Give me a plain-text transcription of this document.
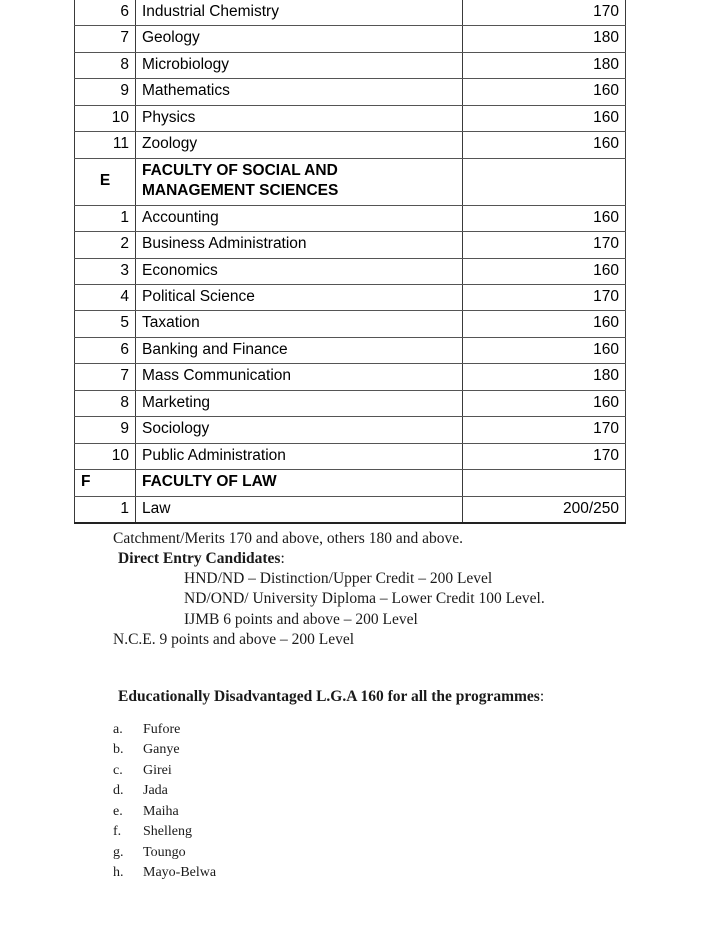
6	Industrial Chemistry	170
7	Geology	180
8	Microbiology	180
9	Mathematics	160
10	Physics	160
11	Zoology	160
E	FACULTY OF SOCIAL AND
MANAGEMENT SCIENCES	

1	Accounting	160
2	Business Administration	170
3	Economics	160
4	Political Science	170
5	Taxation	160
6	Banking and Finance	160
7	Mass Communication	180
8	Marketing	160
9	Sociology	170
10	Public Administration	170
F	FACULTY OF LAW	
1	Law	200/250
Catchment/Merits 170 and above, others 180 and above.
Direct Entry Candidates:
HND/ND – Distinction/Upper Credit – 200 Level
ND/OND/ University Diploma – Lower Credit 100 Level.
IJMB 6 points and above – 200 Level
N.C.E. 9 points and above – 200 Level
Educationally Disadvantaged L.G.A 160 for all the programmes:
a. Fufore
b. Ganye
c. Girei
d. Jada
e. Maiha
f. Shelleng
g. Toungo
h. Mayo-Belwa
